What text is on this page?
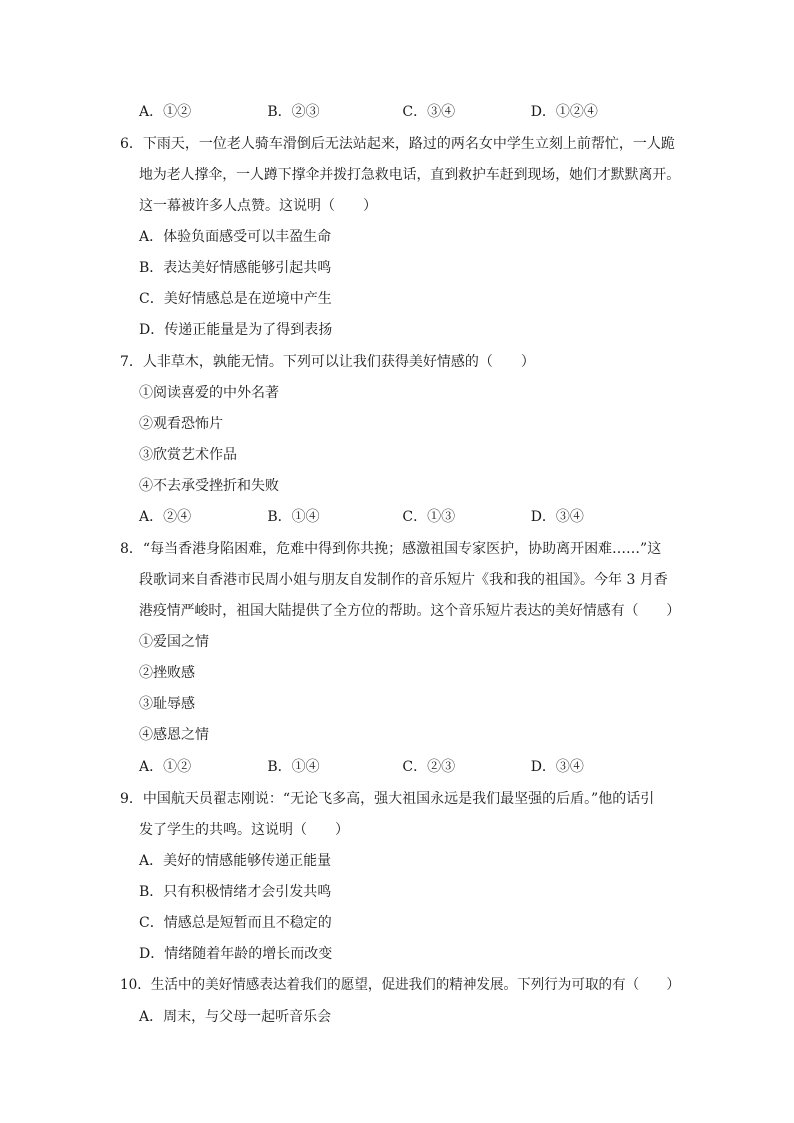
A．①②	B．②③	C．③④	D．①②④
6．下雨天，一位老人骑车滑倒后无法站起来，路过的两名女中学生立刻上前帮忙，一人跪
地为老人撑伞，一人蹲下撑伞并拨打急救电话，直到救护车赶到现场，她们才默默离开。
这一幕被许多人点赞。这说明（　　）
A．体验负面感受可以丰盈生命
B．表达美好情感能够引起共鸣
C．美好情感总是在逆境中产生
D．传递正能量是为了得到表扬
7．人非草木，孰能无情。下列可以让我们获得美好情感的（　　）
①阅读喜爱的中外名著
②观看恐怖片
③欣赏艺术作品
④不去承受挫折和失败
A．②④	B．①④	C．①③	D．③④
8．“每当香港身陷困难，危难中得到你共挽；感激祖国专家医护，协助离开困难……”这
段歌词来自香港市民周小姐与朋友自发制作的音乐短片《我和我的祖国》。今年 3 月香
港疫情严峻时，祖国大陆提供了全方位的帮助。这个音乐短片表达的美好情感有（　　）
①爱国之情
②挫败感
③耻辱感
④感恩之情
A．①②	B．①④	C．②③	D．③④
9．中国航天员翟志刚说：“无论飞多高，强大祖国永远是我们最坚强的后盾。”他的话引
发了学生的共鸣。这说明（　　）
A．美好的情感能够传递正能量
B．只有积极情绪才会引发共鸣
C．情感总是短暂而且不稳定的
D．情绪随着年龄的增长而改变
10．生活中的美好情感表达着我们的愿望，促进我们的精神发展。下列行为可取的有（　　）
A．周末，与父母一起听音乐会
